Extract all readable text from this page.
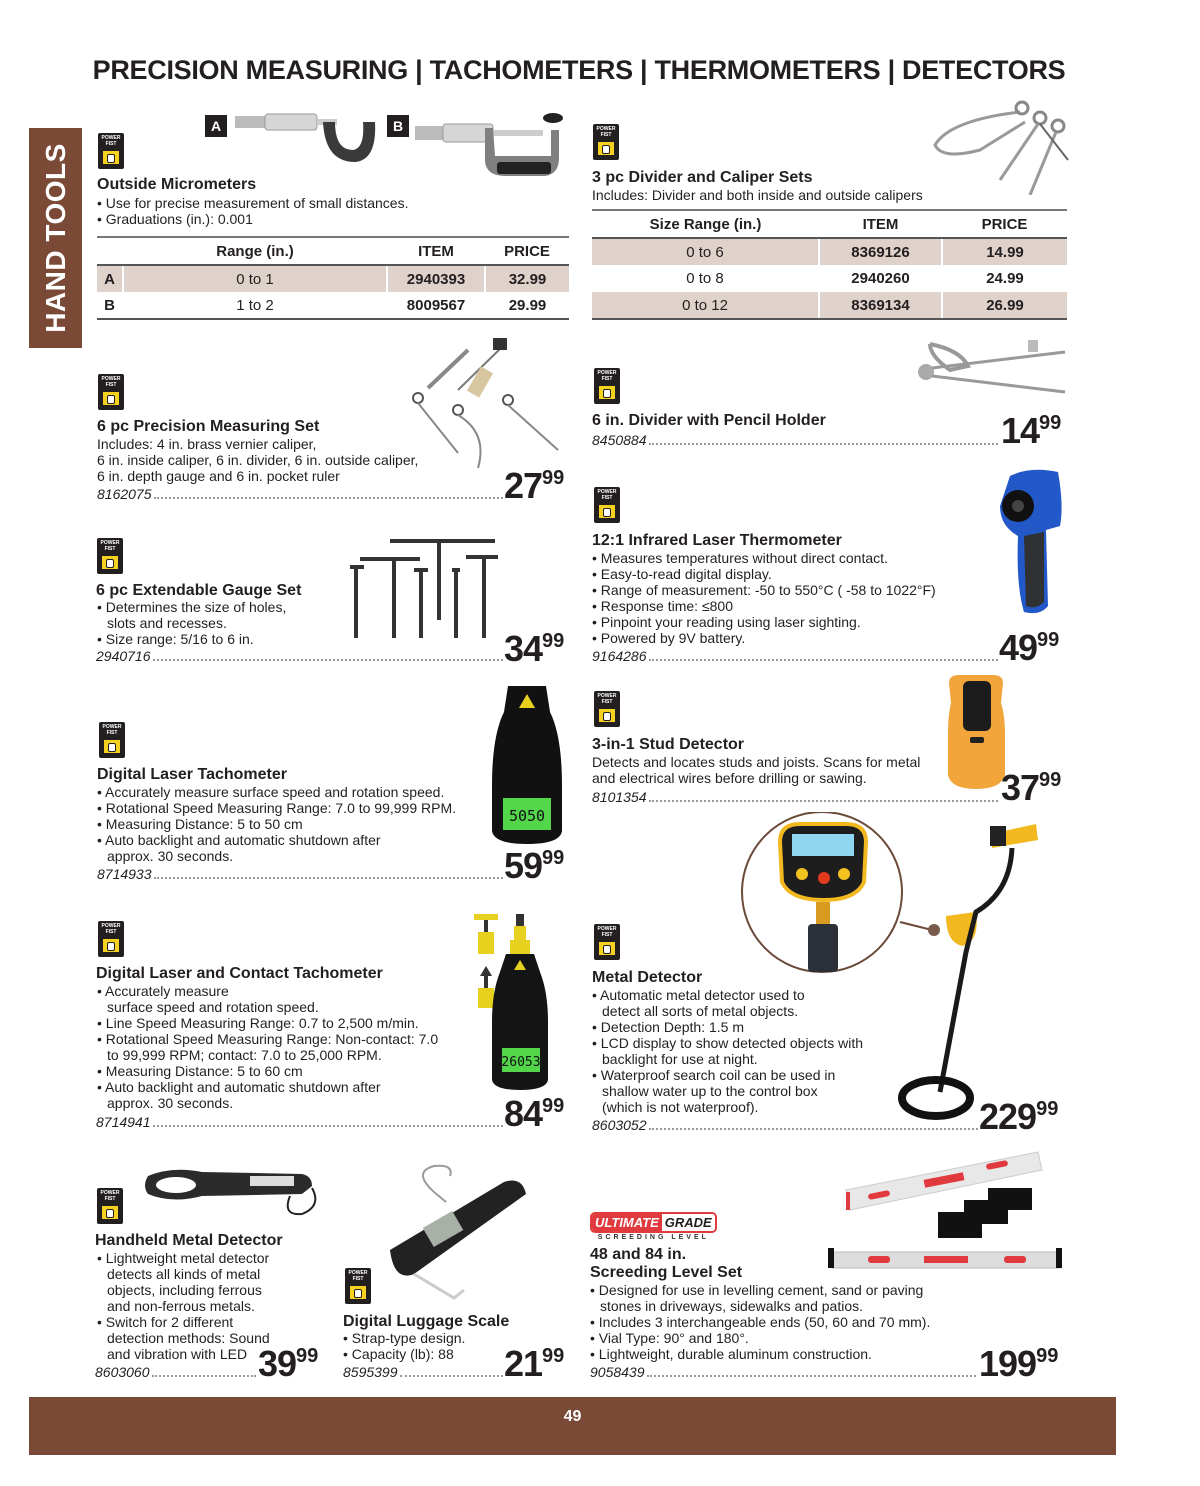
PRECISION MEASURING | TACHOMETERS | THERMOMETERS | DETECTORS
HAND TOOLS
49
POWER FIST
A	B
Outside Micrometers
• Use for precise measurement of small distances.
• Graduations (in.): 0.001
	Range (in.)	ITEM	PRICE
A	0 to 1	2940393	32.99
B	1 to 2	8009567	29.99
POWER FIST
3 pc Divider and Caliper Sets
Includes: Divider and both inside and outside calipers
Size Range (in.)	ITEM	PRICE
0 to 6	8369126	14.99
0 to 8	2940260	24.99
0 to 12	8369134	26.99
POWER FIST
6 pc Precision Measuring Set
Includes: 4 in. brass vernier caliper,
6 in. inside caliper, 6 in. divider, 6 in. outside caliper,
6 in. depth gauge and 6 in. pocket ruler
8162075	2799
POWER FIST
6 in. Divider with Pencil Holder
8450884	1499
POWER FIST
6 pc Extendable Gauge Set
• Determines the size of holes,
slots and recesses.
• Size range: 5/16 to 6 in.
2940716	3499
POWER FIST
12:1 Infrared Laser Thermometer
• Measures temperatures without direct contact.
• Easy-to-read digital display.
• Range of measurement: -50 to 550°C ( -58 to 1022°F)
• Response time: ≤800
• Pinpoint your reading using laser sighting.
• Powered by 9V battery.
9164286	4999
POWER FIST
5050
Digital Laser Tachometer
• Accurately measure surface speed and rotation speed.
• Rotational Speed Measuring Range: 7.0 to 99,999 RPM.
• Measuring Distance: 5 to 50 cm
• Auto backlight and automatic shutdown after
approx. 30 seconds.
8714933	5999
POWER FIST
3-in-1 Stud Detector
Detects and locates studs and joists. Scans for metal
and electrical wires before drilling or sawing.
8101354	3799
POWER FIST
26053
Digital Laser and Contact Tachometer
• Accurately measure
surface speed and rotation speed.
• Line Speed Measuring Range: 0.7 to 2,500 m/min.
• Rotational Speed Measuring Range: Non-contact: 7.0
to 99,999 RPM; contact: 7.0 to 25,000 RPM.
• Measuring Distance: 5 to 60 cm
• Auto backlight and automatic shutdown after
approx. 30 seconds.
8714941	8499
POWER FIST
Metal Detector
• Automatic metal detector used to
detect all sorts of metal objects.
• Detection Depth: 1.5 m
• LCD display to show detected objects with
backlight for use at night.
• Waterproof search coil can be used in
shallow water up to the control box
(which is not waterproof).
8603052	22999
POWER FIST
Handheld Metal Detector
• Lightweight metal detector
detects all kinds of metal
objects, including ferrous
and non-ferrous metals.
• Switch for 2 different
detection methods: Sound
and vibration with LED
8603060	3999
POWER FIST
Digital Luggage Scale
• Strap-type design.
• Capacity (lb): 88
8595399	2199
ULTIMATE GRADE
SCREEDING LEVEL
48 and 84 in.
Screeding Level Set
• Designed for use in levelling cement, sand or paving
stones in driveways, sidewalks and patios.
• Includes 3 interchangeable ends (50, 60 and 70 mm).
• Vial Type: 90° and 180°.
• Lightweight, durable aluminum construction.
9058439	19999
